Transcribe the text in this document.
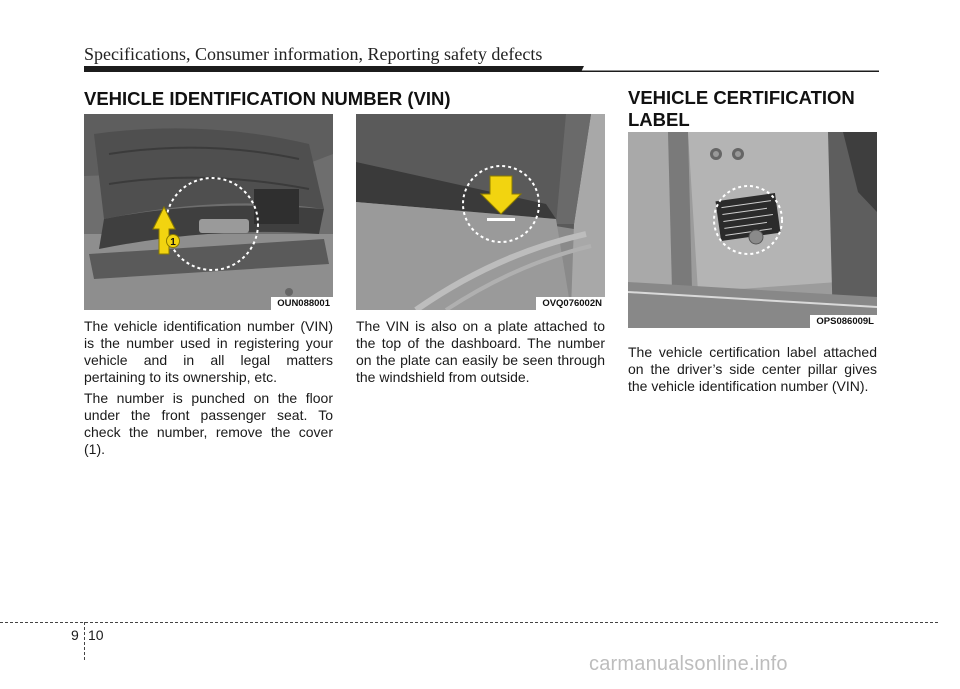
Specifications, Consumer information, Reporting safety defects
VEHICLE IDENTIFICATION NUMBER (VIN)	VEHICLE CERTIFICATION
LABEL
1
OUN088001	OVQ076002N
OPS086009L

The vehicle identification number (VIN) is the number used in registering your vehicle and in all legal matters pertaining to its ownership, etc.

The number is punched on the floor under the front passenger seat. To check the number, remove the cover (1).

The VIN is also on a plate attached to the top of the dashboard. The number on the plate can easily be seen through the windshield from outside.

The vehicle certification label attached on the driver’s side center pillar gives the vehicle identification number (VIN).

9 10
carmanualsonline.info
